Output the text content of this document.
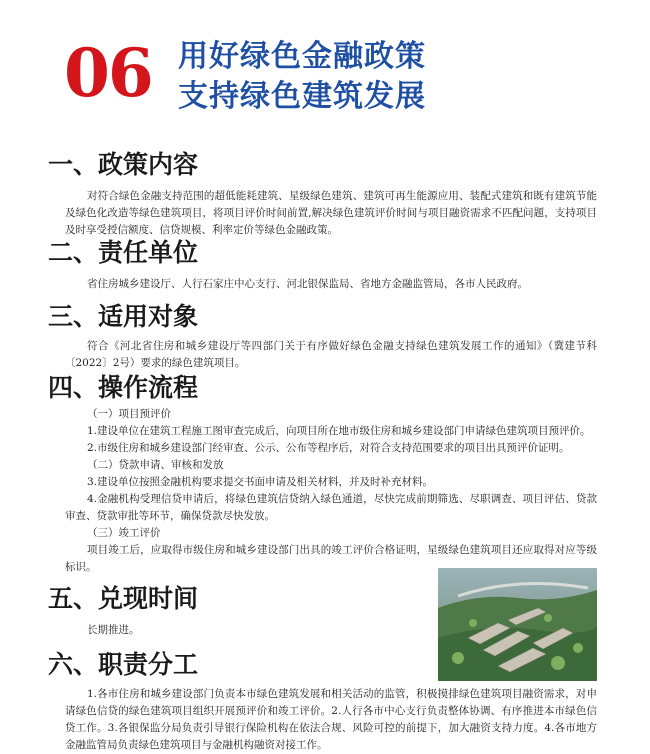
06 用好绿色金融政策
支持绿色建筑发展
一、政策内容

对符合绿色金融支持范围的超低能耗建筑、星级绿色建筑、建筑可再生能源应用、装配式建筑和既有建筑节能及绿色化改造等绿色建筑项目，将项目评价时间前置,解决绿色建筑评价时间与项目融资需求不匹配问题，支持项目及时享受授信额度、信贷规模、利率定价等绿色金融政策。

二、责任单位

省住房城乡建设厅、人行石家庄中心支行、河北银保监局、省地方金融监管局，各市人民政府。

三、适用对象

符合《河北省住房和城乡建设厅等四部门关于有序做好绿色金融支持绿色建筑发展工作的通知》（冀建节科〔2022〕2号）要求的绿色建筑项目。

四、操作流程

（一）项目预评价

1.建设单位在建筑工程施工图审查完成后，向项目所在地市级住房和城乡建设部门申请绿色建筑项目预评价。

2.市级住房和城乡建设部门经审查、公示、公布等程序后，对符合支持范围要求的项目出具预评价证明。

（二）贷款申请、审核和发放

3.建设单位按照金融机构要求提交书面申请及相关材料，并及时补充材料。

4.金融机构受理信贷申请后，将绿色建筑信贷纳入绿色通道，尽快完成前期筛选、尽职调查、项目评估、贷款审查、贷款审批等环节，确保贷款尽快发放。

（三）竣工评价

项目竣工后，应取得市级住房和城乡建设部门出具的竣工评价合格证明，星级绿色建筑项目还应取得对应等级标识。

五、兑现时间

长期推进。

六、职责分工

1.各市住房和城乡建设部门负责本市绿色建筑发展和相关活动的监管，积极摸排绿色建筑项目融资需求，对申请绿色信贷的绿色建筑项目组织开展预评价和竣工评价。2.人行各市中心支行负责整体协调、有序推进本市绿色信贷工作。3.各银保监分局负责引导银行保险机构在依法合规、风险可控的前提下，加大融资支持力度。4.各市地方金融监管局负责绿色建筑项目与金融机构融资对接工作。
